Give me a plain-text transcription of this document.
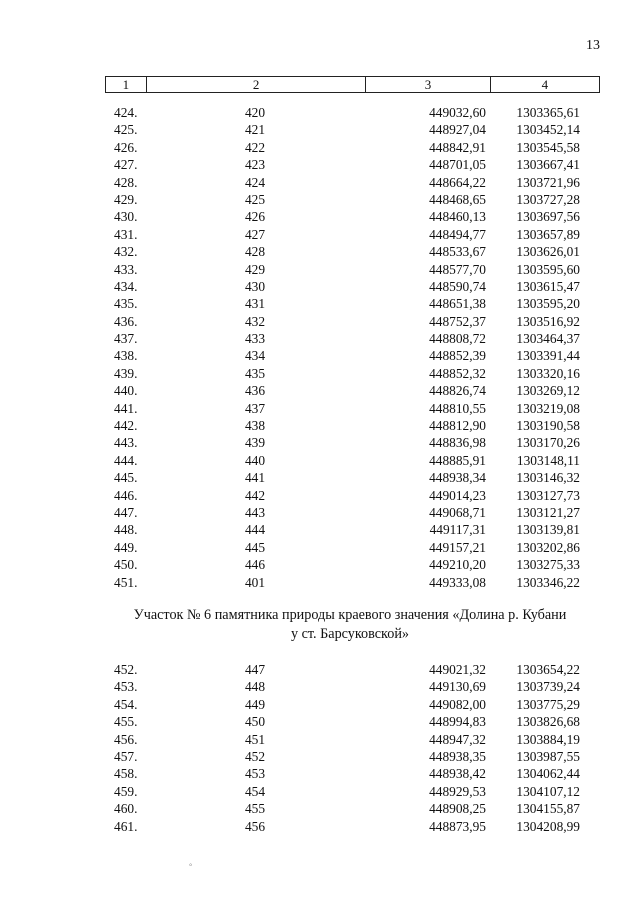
13
1	2	3	4
424.	420	449032,60	1303365,61
425.	421	448927,04	1303452,14
426.	422	448842,91	1303545,58
427.	423	448701,05	1303667,41
428.	424	448664,22	1303721,96
429.	425	448468,65	1303727,28
430.	426	448460,13	1303697,56
431.	427	448494,77	1303657,89
432.	428	448533,67	1303626,01
433.	429	448577,70	1303595,60
434.	430	448590,74	1303615,47
435.	431	448651,38	1303595,20
436.	432	448752,37	1303516,92
437.	433	448808,72	1303464,37
438.	434	448852,39	1303391,44
439.	435	448852,32	1303320,16
440.	436	448826,74	1303269,12
441.	437	448810,55	1303219,08
442.	438	448812,90	1303190,58
443.	439	448836,98	1303170,26
444.	440	448885,91	1303148,11
445.	441	448938,34	1303146,32
446.	442	449014,23	1303127,73
447.	443	449068,71	1303121,27
448.	444	449117,31	1303139,81
449.	445	449157,21	1303202,86
450.	446	449210,20	1303275,33
451.	401	449333,08	1303346,22
Участок № 6 памятника природы краевого значения «Долина р. Кубани
у ст. Барсуковской»
452.	447	449021,32	1303654,22
453.	448	449130,69	1303739,24
454.	449	449082,00	1303775,29
455.	450	448994,83	1303826,68
456.	451	448947,32	1303884,19
457.	452	448938,35	1303987,55
458.	453	448938,42	1304062,44
459.	454	448929,53	1304107,12
460.	455	448908,25	1304155,87
461.	456	448873,95	1304208,99
°
